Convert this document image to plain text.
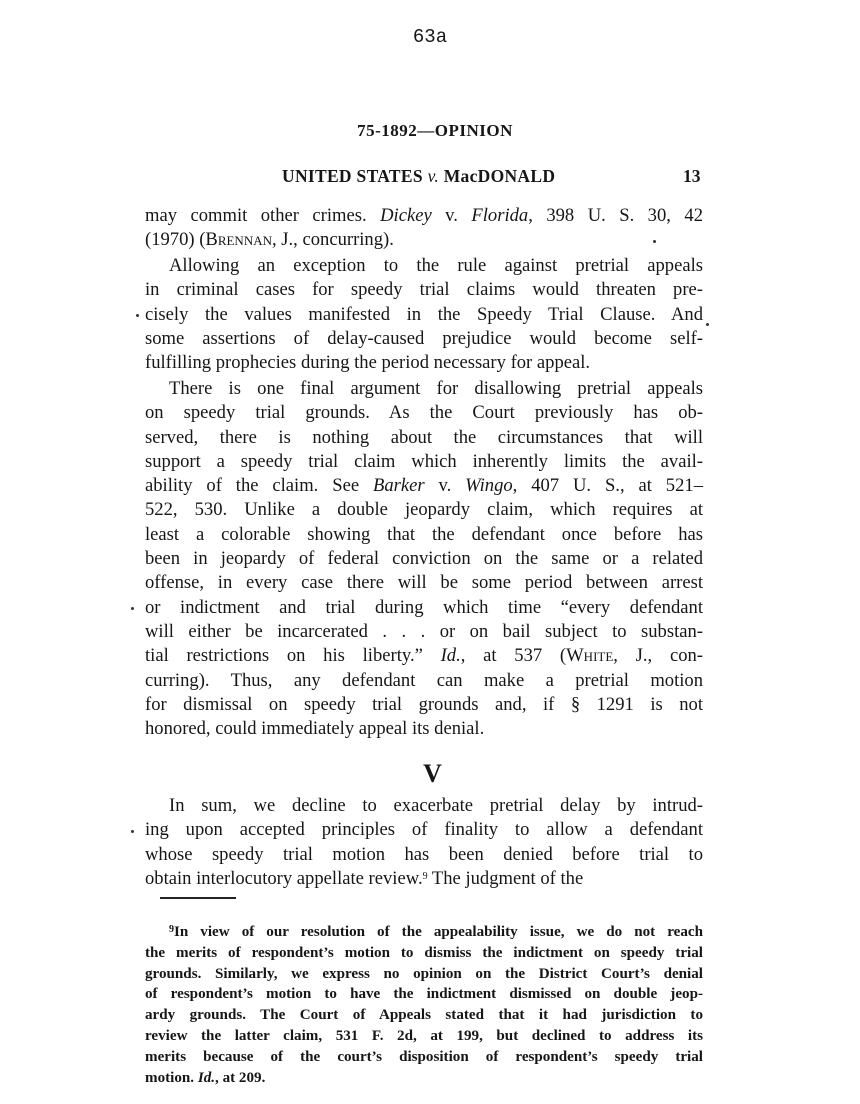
63a
75-1892—OPINION
UNITED STATES v. MacDONALD	13

may commit other crimes. Dickey v. Florida, 398 U. S. 30, 42
(1970) (Brennan, J., concurring).

Allowing an exception to the rule against pretrial appeals
in criminal cases for speedy trial claims would threaten pre-
cisely the values manifested in the Speedy Trial Clause. And
some assertions of delay-caused prejudice would become self-
fulfilling prophecies during the period necessary for appeal.

There is one final argument for disallowing pretrial appeals
on speedy trial grounds. As the Court previously has ob-
served, there is nothing about the circumstances that will
support a speedy trial claim which inherently limits the avail-
ability of the claim. See Barker v. Wingo, 407 U. S., at 521–
522, 530. Unlike a double jeopardy claim, which requires at
least a colorable showing that the defendant once before has
been in jeopardy of federal conviction on the same or a related
offense, in every case there will be some period between arrest
or indictment and trial during which time “every defendant
will either be incarcerated . . . or on bail subject to substan-
tial restrictions on his liberty.” Id., at 537 (White, J., con-
curring). Thus, any defendant can make a pretrial motion
for dismissal on speedy trial grounds and, if § 1291 is not
honored, could immediately appeal its denial.

V

In sum, we decline to exacerbate pretrial delay by intrud-
ing upon accepted principles of finality to allow a defendant
whose speedy trial motion has been denied before trial to
obtain interlocutory appellate review.$^9$ The judgment of the

$^9$In view of our resolution of the appealability issue, we do not reach
the merits of respondent’s motion to dismiss the indictment on speedy trial
grounds. Similarly, we express no opinion on the District Court’s denial
of respondent’s motion to have the indictment dismissed on double jeop-
ardy grounds. The Court of Appeals stated that it had jurisdiction to
review the latter claim, 531 F. 2d, at 199, but declined to address its
merits because of the court’s disposition of respondent’s speedy trial
motion. Id., at 209.
